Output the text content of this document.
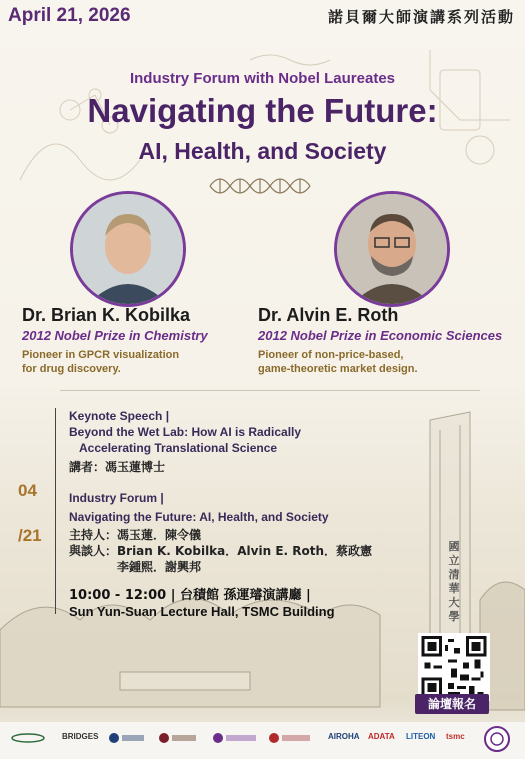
April 21, 2026	諾貝爾大師演講系列活動
Industry Forum with Nobel Laureates
Navigating the Future:
AI, Health, and Society
Dr. Brian K. Kobilka
2012 Nobel Prize in Chemistry
Pioneer in GPCR visualization
for drug discovery.
Dr. Alvin E. Roth
2012 Nobel Prize in Economic Sciences
Pioneer of non-price-based,
game-theoretic market design.
國立清華大學
04
/21
Keynote Speech |
Beyond the Wet Lab: How AI is Radically
Accelerating Translational Science
講者：馮玉蓮博士
Industry Forum |
Navigating the Future: AI, Health, and Society
主持人：馮玉蓮．陳令儀
與談人：Brian K. Kobilka．Alvin E. Roth．蔡政憲
李鍾熙．謝興邦
10:00 - 12:00 | 台積館 孫運璿演講廳 |
Sun Yun-Suan Lecture Hall, TSMC Building
論壇報名
BRIDGES	AIROHA ADATA LITEON tsmc
